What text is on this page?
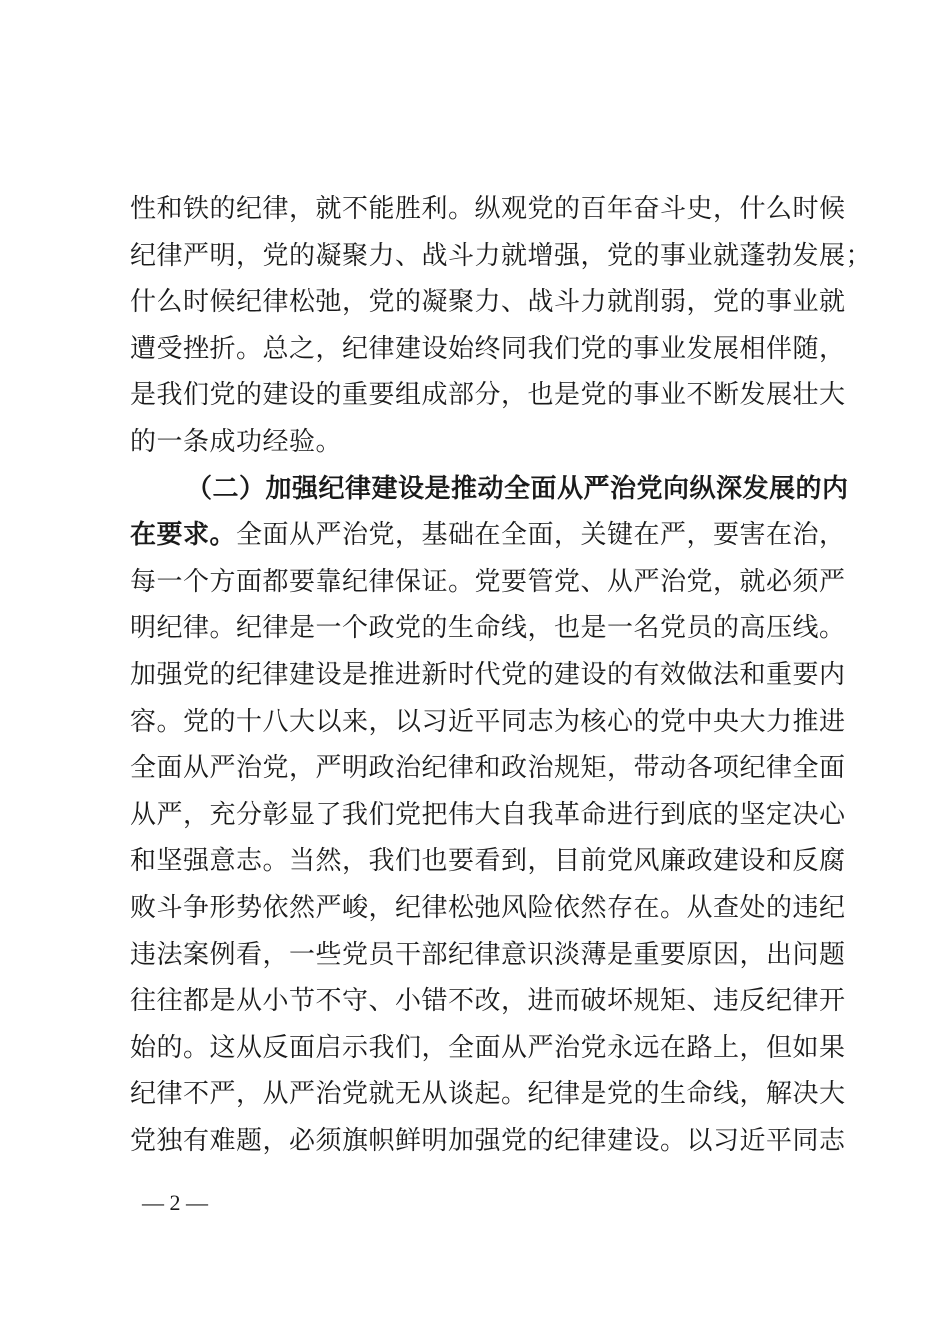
性和铁的纪律，就不能胜利。纵观党的百年奋斗史，什么时候
纪律严明，党的凝聚力、战斗力就增强，党的事业就蓬勃发展；
什么时候纪律松弛，党的凝聚力、战斗力就削弱，党的事业就
遭受挫折。总之，纪律建设始终同我们党的事业发展相伴随，
是我们党的建设的重要组成部分，也是党的事业不断发展壮大
的一条成功经验。
（二）加强纪律建设是推动全面从严治党向纵深发展的内
在要求。全面从严治党，基础在全面，关键在严，要害在治，
每一个方面都要靠纪律保证。党要管党、从严治党，就必须严
明纪律。纪律是一个政党的生命线，也是一名党员的高压线。
加强党的纪律建设是推进新时代党的建设的有效做法和重要内
容。党的十八大以来，以习近平同志为核心的党中央大力推进
全面从严治党，严明政治纪律和政治规矩，带动各项纪律全面
从严，充分彰显了我们党把伟大自我革命进行到底的坚定决心
和坚强意志。当然，我们也要看到，目前党风廉政建设和反腐
败斗争形势依然严峻，纪律松弛风险依然存在。从查处的违纪
违法案例看，一些党员干部纪律意识淡薄是重要原因，出问题
往往都是从小节不守、小错不改，进而破坏规矩、违反纪律开
始的。这从反面启示我们，全面从严治党永远在路上，但如果
纪律不严，从严治党就无从谈起。纪律是党的生命线，解决大
党独有难题，必须旗帜鲜明加强党的纪律建设。以习近平同志
— 2 —
